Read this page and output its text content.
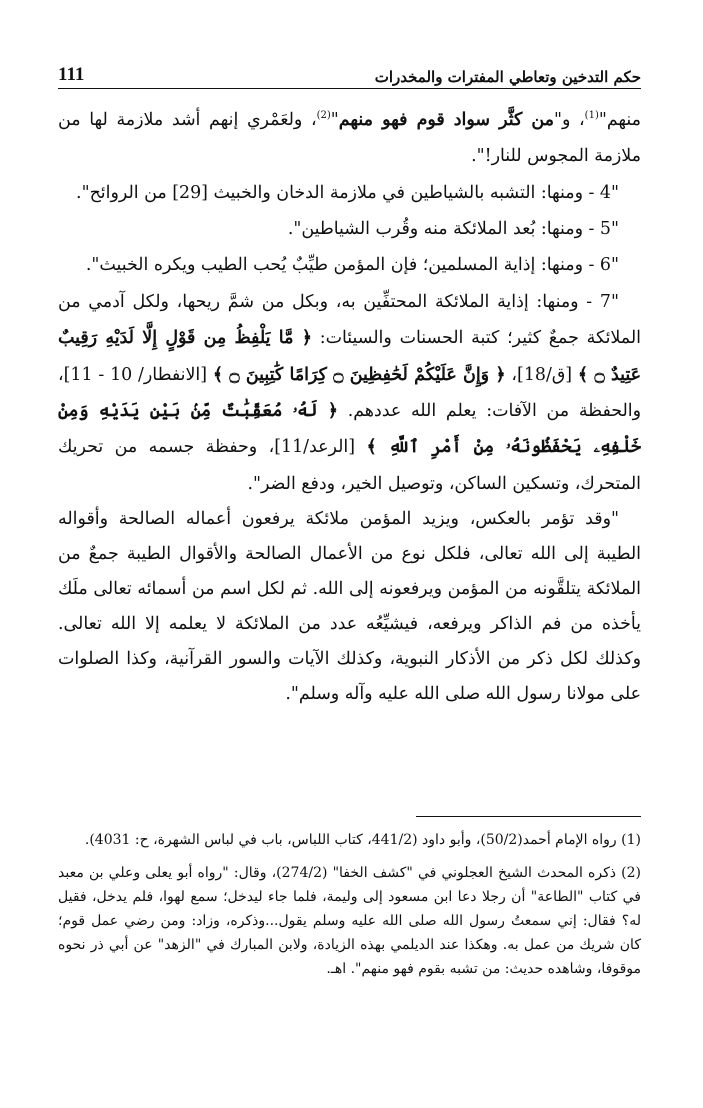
حكم التدخين وتعاطي المفترات والمخدرات
111

منهم"$^{(1)}$، و"من كثَّر سواد قوم فهو منهم"$^{(2)}$، ولعَمْري إنهم أشد ملازمة لها من ملازمة المجوس للنار!".

"4 - ومنها: التشبه بالشياطين في ملازمة الدخان والخبيث [29] من الروائح".

"5 - ومنها: بُعد الملائكة منه وقُرب الشياطين".

"6 - ومنها: إذاية المسلمين؛ فإن المؤمن طيِّبٌ يُحب الطيب ويكره الخبيث".

"7 - ومنها: إذاية الملائكة المحتفِّين به، وبكل من شمَّ ريحها، ولكل آدمي من الملائكة جمعٌ كثير؛ كتبة الحسنات والسيئات: ﴿ مَّا يَلْفِظُ مِن قَوْلٍ إِلَّا لَدَيْهِ رَقِيبٌ عَتِيدٌ ۝ ﴾ [ق/18]، ﴿ وَإِنَّ عَلَيْكُمْ لَحَٰفِظِينَ ۝ كِرَامًا كَٰتِبِينَ ۝ ﴾ [الانفطار/ 10 - 11]، والحفظة من الآفات: يعلم الله عددهم. ﴿ لَهُۥ مُعَقِّبَٰتٌ مِّنۢ بَيْنِ يَدَيْهِ وَمِنْ خَلْفِهِۦ يَحْفَظُونَهُۥ مِنْ أَمْرِ ٱللَّهِ ﴾ [الرعد/11]، وحفظة جسمه من تحريك المتحرك، وتسكين الساكن، وتوصيل الخير، ودفع الضر".

"وقد تؤمر بالعكس، ويزيد المؤمن ملائكة يرفعون أعماله الصالحة وأقواله الطيبة إلى الله تعالى، فلكل نوع من الأعمال الصالحة والأقوال الطيبة جمعٌ من الملائكة يتلقَّونه من المؤمن ويرفعونه إلى الله. ثم لكل اسم من أسمائه تعالى ملَك يأخذه من فم الذاكر ويرفعه، فيشيِّعُه عدد من الملائكة لا يعلمه إلا الله تعالى. وكذلك لكل ذكر من الأذكار النبوية، وكذلك الآيات والسور القرآنية، وكذا الصلوات على مولانا رسول الله صلى الله عليه وآله وسلم".

(1) رواه الإمام أحمد(50/2)، وأبو داود (441/2، كتاب اللباس، باب في لباس الشهرة، ح: 4031).

(2) ذكره المحدث الشيخ العجلوني في "كشف الخفا" (274/2)، وقال: "رواه أبو يعلى وعلي بن معبد في كتاب "الطاعة" أن رجلا دعا ابن مسعود إلى وليمة، فلما جاء ليدخل؛ سمع لهوا، فلم يدخل، فقيل له؟ فقال: إني سمعتُ رسول الله صلى الله عليه وسلم يقول...وذكره، وزاد: ومن رضي عمل قوم؛ كان شريك من عمل به. وهكذا عند الديلمي بهذه الزيادة، ولابن المبارك في "الزهد" عن أبي ذر نحوه موقوفا، وشاهده حديث: من تشبه بقوم فهو منهم". اهـ.
